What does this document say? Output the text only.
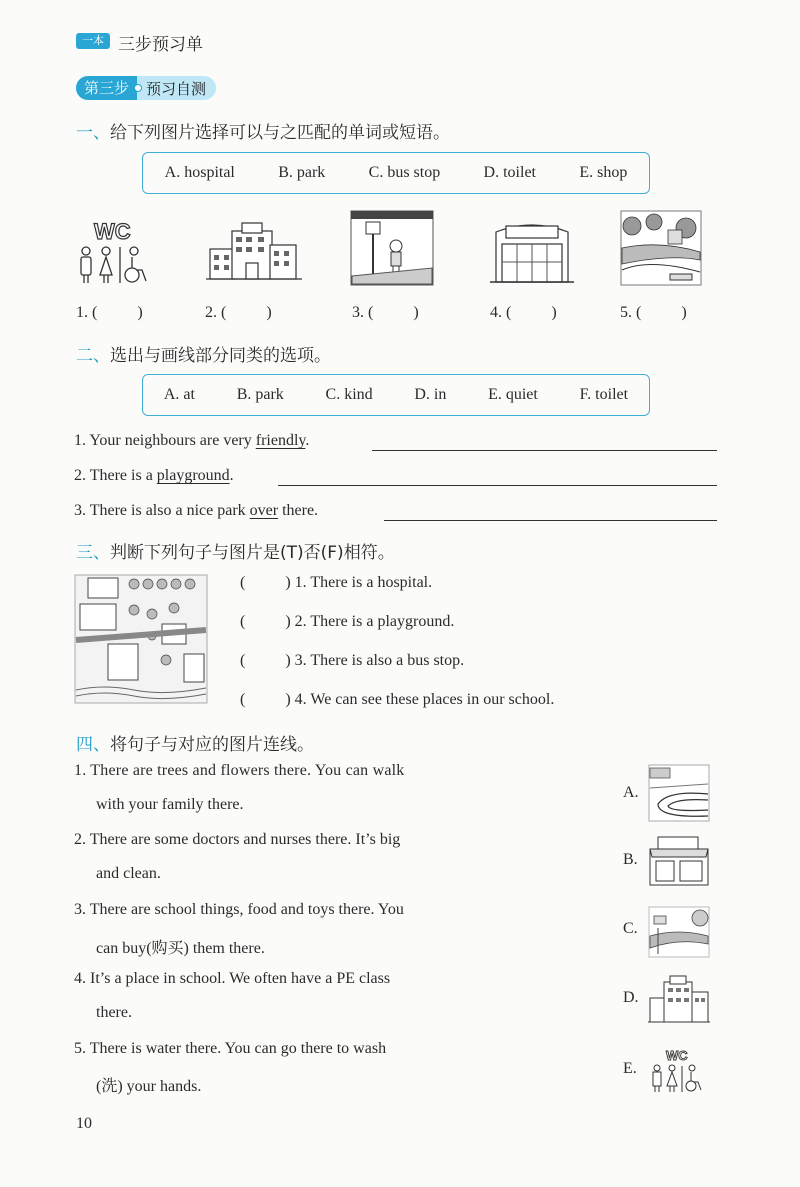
一本 三步预习单
第三步	预习自测
一、给下列图片选择可以与之匹配的单词或短语。
A. hospital	B. park	C. bus stop	D. toilet	E. shop
WC
1. (	)	2. (	)	3. (	)	4. (	)	5. (	)
二、选出与画线部分同类的选项。
A. at	B. park	C. kind	D. in	E. quiet	F. toilet
1. Your neighbours are very friendly.
2. There is a playground.
3. There is also a nice park over there.
三、判断下列句子与图片是(T)否(F)相符。
(	) 1. There is a hospital.
(	) 2. There is a playground.
(	) 3. There is also a bus stop.
(	) 4. We can see these places in our school.
四、将句子与对应的图片连线。
1. There are trees and flowers there. You can walk
with your family there.
2. There are some doctors and nurses there. It’s big
and clean.
3. There are school things, food and toys there. You
can buy(购买) them there.
4. It’s a place in school. We often have a PE class
there.
5. There is water there. You can go there to wash
(洗) your hands.
A.
B.
C.
D.
E.
WC
10
